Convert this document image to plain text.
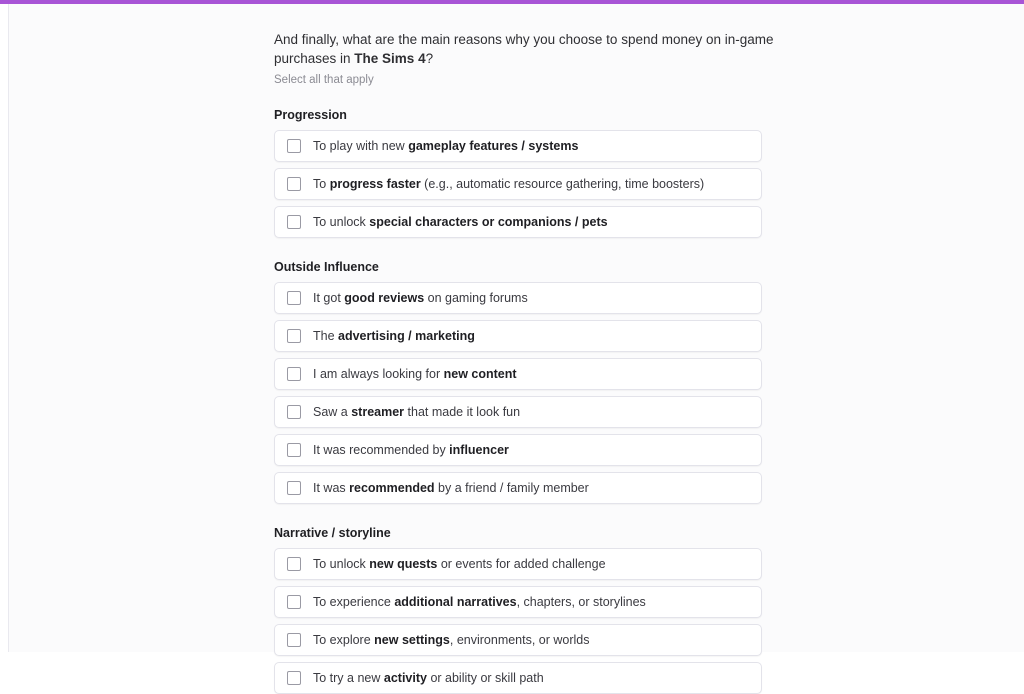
And finally, what are the main reasons why you choose to spend money on in-game purchases in The Sims 4?
Select all that apply
Progression
To play with new gameplay features / systems
To progress faster (e.g., automatic resource gathering, time boosters)
To unlock special characters or companions / pets
Outside Influence
It got good reviews on gaming forums
The advertising / marketing
I am always looking for new content
Saw a streamer that made it look fun
It was recommended by influencer
It was recommended by a friend / family member
Narrative / storyline
To unlock new quests or events for added challenge
To experience additional narratives, chapters, or storylines
To explore new settings, environments, or worlds
To try a new activity or ability or skill path
